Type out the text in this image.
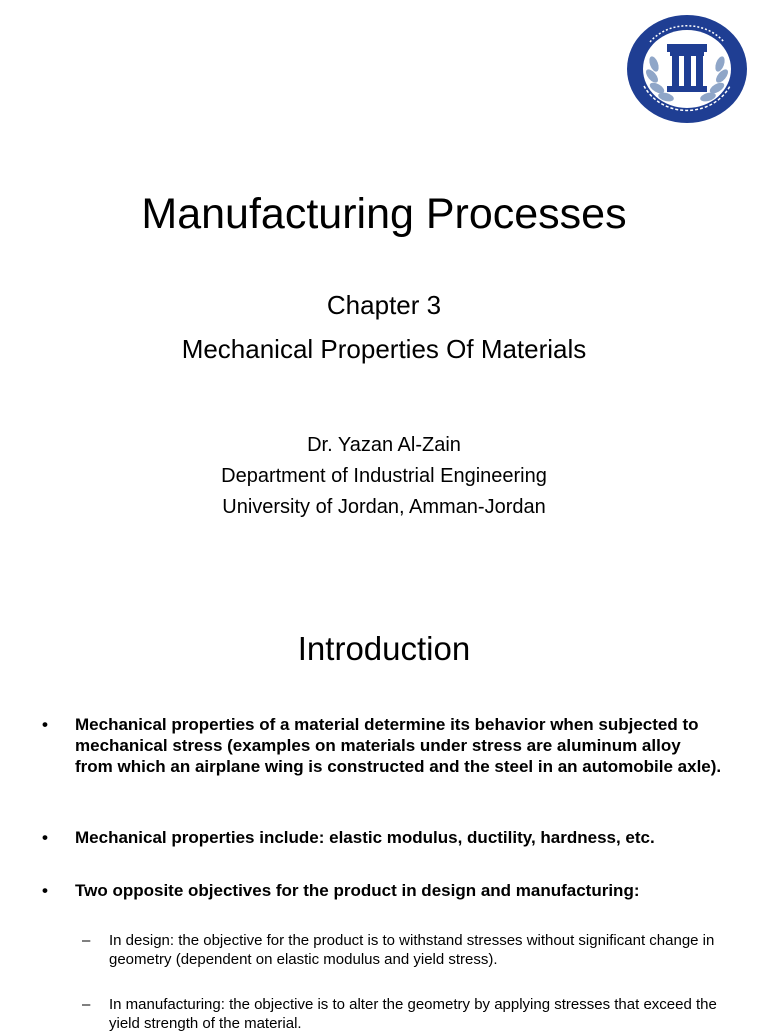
Manufacturing Processes
Chapter 3
Mechanical Properties Of Materials
Dr. Yazan Al-Zain
Department of Industrial Engineering
University of Jordan, Amman-Jordan
Introduction
•	Mechanical properties of a material determine its behavior when subjected to mechanical stress (examples on materials under stress are aluminum alloy from which an airplane wing is constructed and the steel in an automobile axle).
•	Mechanical properties include: elastic modulus, ductility, hardness, etc.
•	Two opposite objectives for the product in design and manufacturing:
– In design: the objective for the product is to withstand stresses without significant change in geometry (dependent on elastic modulus and yield stress).
– In manufacturing: the objective is to alter the geometry by applying stresses that exceed the yield strength of the material.
